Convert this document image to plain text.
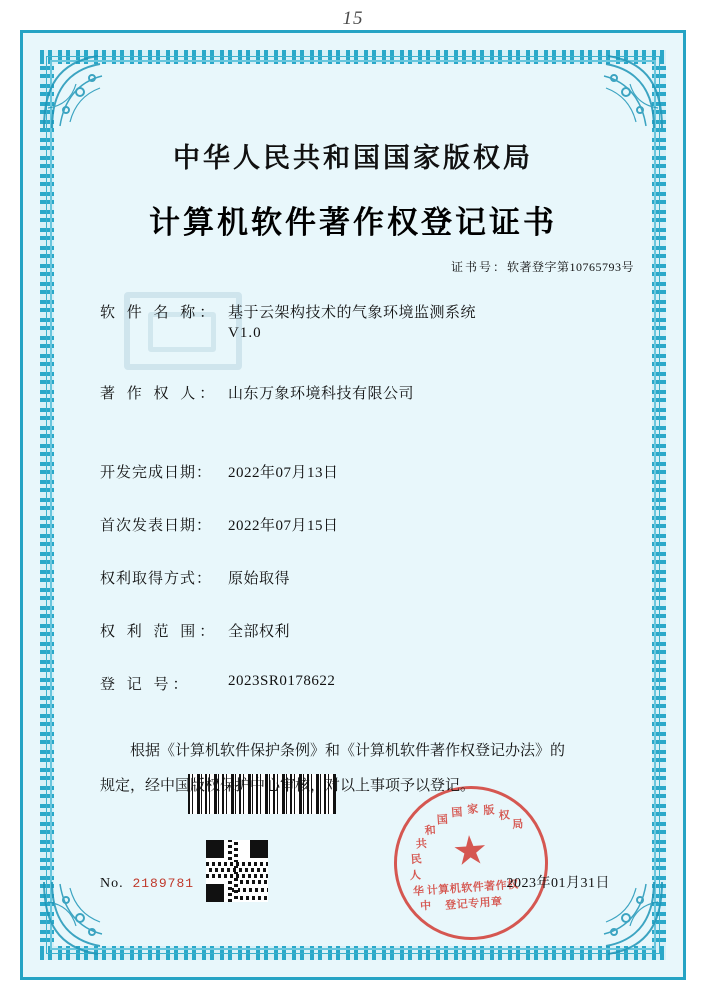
15
中华人民共和国国家版权局
计算机软件著作权登记证书
证书号：软著登字第10765793号
软 件 名 称： 基于云架构技术的气象环境监测系统
V1.0
著 作 权 人： 山东万象环境科技有限公司
开发完成日期：	2022年07月13日
首次发表日期：	2022年07月15日
权利取得方式：	原始取得
权 利 范 围： 全部权利
登 记 号：	2023SR0178622
根据《计算机软件保护条例》和《计算机软件著作权登记办法》的
规定，经中国版权保护中心审核，对以上事项予以登记。
中
华
人
民
共
和
国
国 家 版 权
局
★
计算机软件著作权
登记专用章
No. 2189781	2023年01月31日
